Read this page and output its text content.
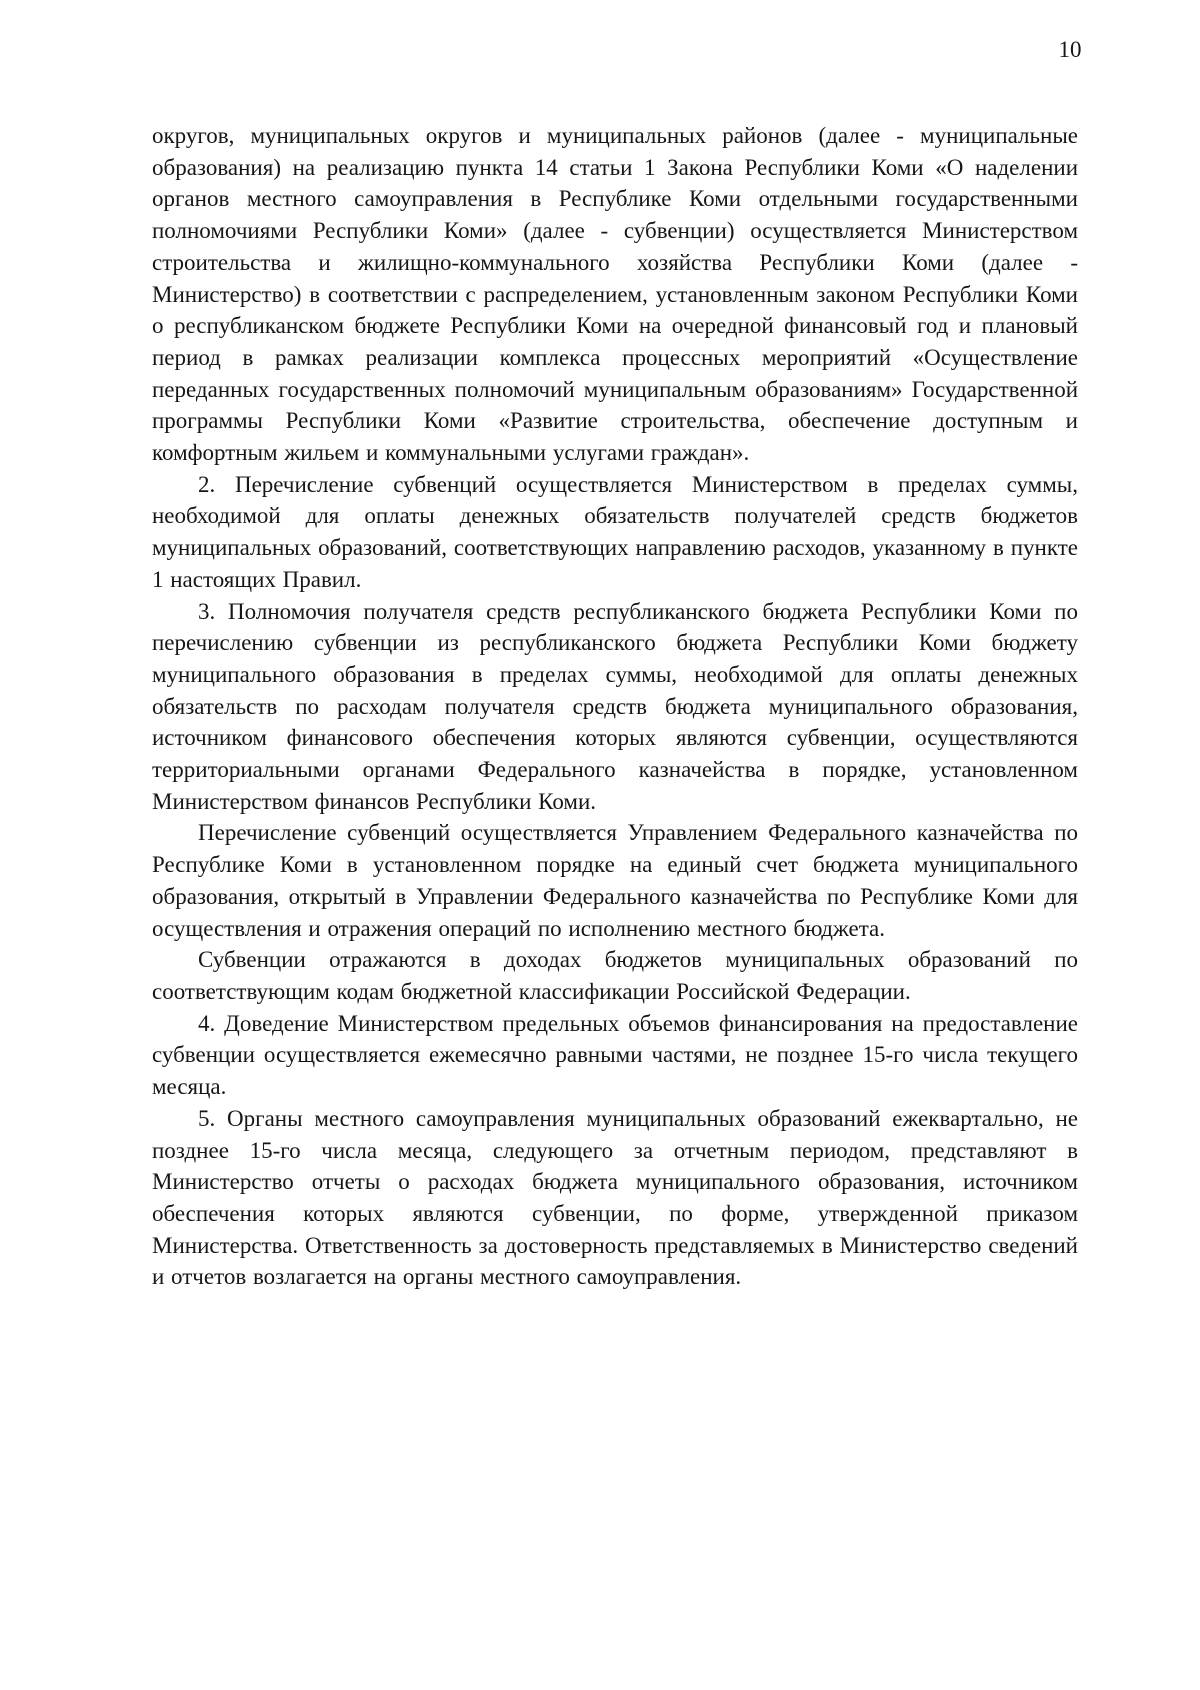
10

округов, муниципальных округов и муниципальных районов (далее - муниципальные образования) на реализацию пункта 14 статьи 1 Закона Республики Коми «О наделении органов местного самоуправления в Республике Коми отдельными государственными полномочиями Республики Коми» (далее - субвенции) осуществляется Министерством строительства и жилищно-коммунального хозяйства Республики Коми (далее - Министерство) в соответствии с распределением, установленным законом Республики Коми о республиканском бюджете Республики Коми на очередной финансовый год и плановый период в рамках реализации комплекса процессных мероприятий «Осуществление переданных государственных полномочий муниципальным образованиям» Государственной программы Республики Коми «Развитие строительства, обеспечение доступным и комфортным жильем и коммунальными услугами граждан».

2. Перечисление субвенций осуществляется Министерством в пределах суммы, необходимой для оплаты денежных обязательств получателей средств бюджетов муниципальных образований, соответствующих направлению расходов, указанному в пункте 1 настоящих Правил.

3. Полномочия получателя средств республиканского бюджета Республики Коми по перечислению субвенции из республиканского бюджета Республики Коми бюджету муниципального образования в пределах суммы, необходимой для оплаты денежных обязательств по расходам получателя средств бюджета муниципального образования, источником финансового обеспечения которых являются субвенции, осуществляются территориальными органами Федерального казначейства в порядке, установленном Министерством финансов Республики Коми.

Перечисление субвенций осуществляется Управлением Федерального казначейства по Республике Коми в установленном порядке на единый счет бюджета муниципального образования, открытый в Управлении Федерального казначейства по Республике Коми для осуществления и отражения операций по исполнению местного бюджета.

Субвенции отражаются в доходах бюджетов муниципальных образований по соответствующим кодам бюджетной классификации Российской Федерации.

4. Доведение Министерством предельных объемов финансирования на предоставление субвенции осуществляется ежемесячно равными частями, не позднее 15-го числа текущего месяца.

5. Органы местного самоуправления муниципальных образований ежеквартально, не позднее 15-го числа месяца, следующего за отчетным периодом, представляют в Министерство отчеты о расходах бюджета муниципального образования, источником обеспечения которых являются субвенции, по форме, утвержденной приказом Министерства. Ответственность за достоверность представляемых в Министерство сведений и отчетов возлагается на органы местного самоуправления.
